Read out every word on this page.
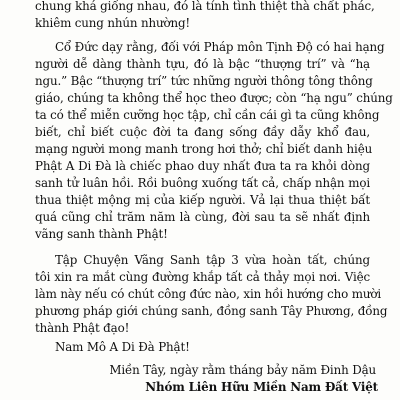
chung khá giống nhau, đó là tính tình thiệt thà chất phác,
khiêm cung nhún nhường!
Cổ Đức dạy rằng, đối với Pháp môn Tịnh Độ có hai hạng
người dễ dàng thành tựu, đó là bậc “thượng trí” và “hạ
ngu.” Bậc “thượng trí” tức những người thông tông thông
giáo, chúng ta không thể học theo được; còn “hạ ngu” chúng
ta có thể miễn cưỡng học tập, chỉ cần cái gì ta cũng không
biết, chỉ biết cuộc đời ta đang sống đầy dẫy khổ đau,
mạng người mong manh trong hơi thở; chỉ biết danh hiệu
Phật A Di Đà là chiếc phao duy nhất đưa ta ra khỏi dòng
sanh tử luân hồi. Rồi buông xuống tất cả, chấp nhận mọi
thua thiệt mộng mị của kiếp người. Vả lại thua thiệt bất
quá cũng chỉ trăm năm là cùng, đời sau ta sẽ nhất định
vãng sanh thành Phật!
Tập Chuyện Vãng Sanh tập 3 vừa hoàn tất, chúng
tôi xin ra mắt cùng đường khắp tất cả thảy mọi nơi. Việc
làm này nếu có chút công đức nào, xin hồi hướng cho mười
phương pháp giới chúng sanh, đồng sanh Tây Phương, đồng
thành Phật đạo!
Nam Mô A Di Đà Phật!
Miền Tây, ngày rằm tháng bảy năm Đinh Dậu
Nhóm Liên Hữu Miền Nam Đất Việt
